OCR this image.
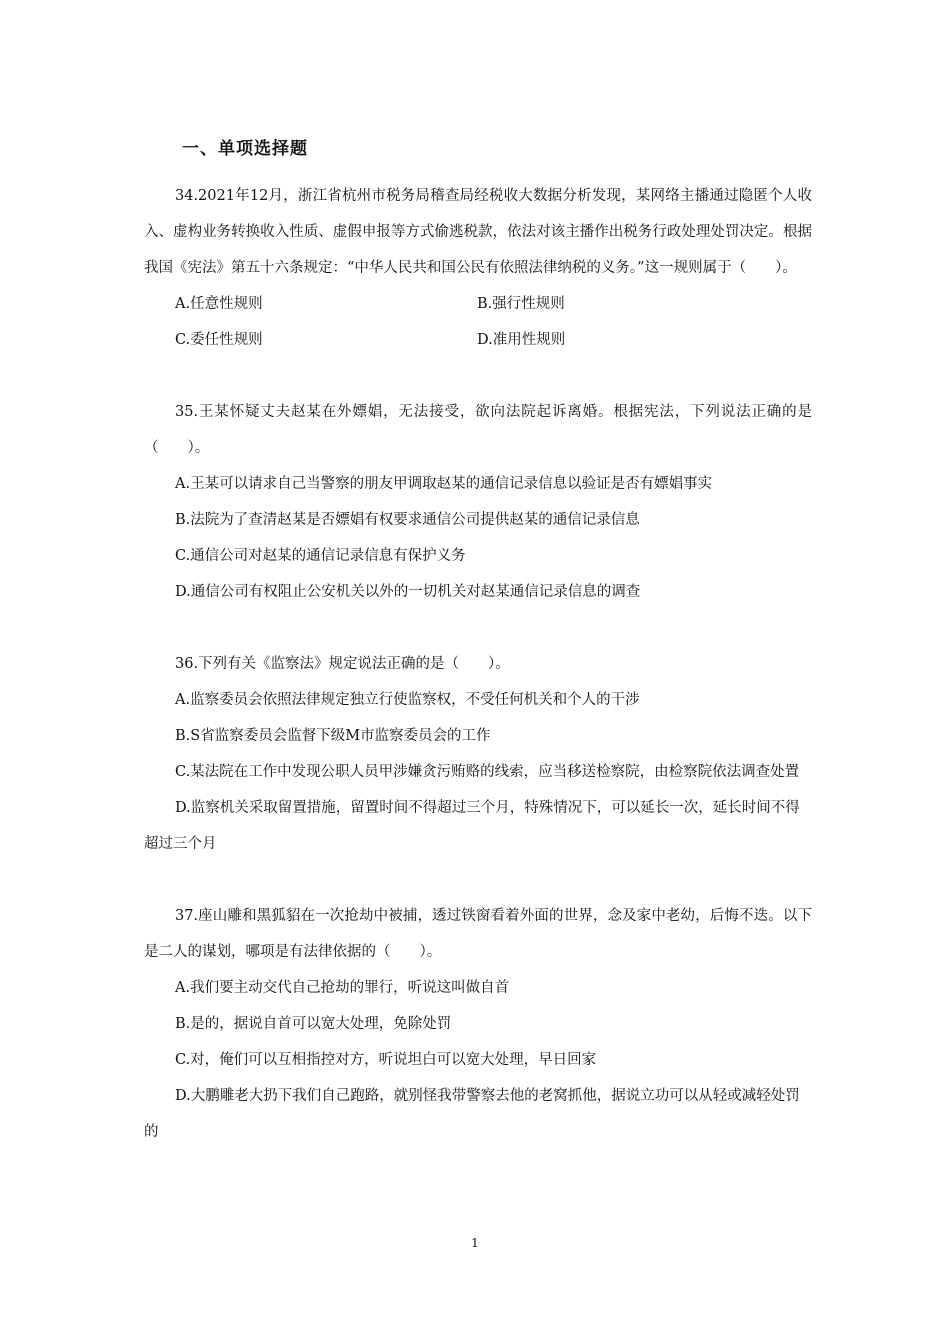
一、单项选择题

34.2021年12月，浙江省杭州市税务局稽查局经税收大数据分析发现，某网络主播通过隐匿个人收入、虚构业务转换收入性质、虚假申报等方式偷逃税款，依法对该主播作出税务行政处理处罚决定。根据我国《宪法》第五十六条规定：“中华人民共和国公民有依照法律纳税的义务。”这一规则属于（　　）。

A.任意性规则	B.强行性规则

C.委任性规则	D.准用性规则

35.王某怀疑丈夫赵某在外嫖娼，无法接受，欲向法院起诉离婚。根据宪法，下列说法正确的是（　　）。

A.王某可以请求自己当警察的朋友甲调取赵某的通信记录信息以验证是否有嫖娼事实

B.法院为了查清赵某是否嫖娼有权要求通信公司提供赵某的通信记录信息

C.通信公司对赵某的通信记录信息有保护义务

D.通信公司有权阻止公安机关以外的一切机关对赵某通信记录信息的调查

36.下列有关《监察法》规定说法正确的是（　　）。

A.监察委员会依照法律规定独立行使监察权，不受任何机关和个人的干涉

B.S省监察委员会监督下级M市监察委员会的工作

C.某法院在工作中发现公职人员甲涉嫌贪污贿赂的线索，应当移送检察院，由检察院依法调查处置

D.监察机关采取留置措施，留置时间不得超过三个月，特殊情况下，可以延长一次，延长时间不得超过三个月

37.座山雕和黑狐貂在一次抢劫中被捕，透过铁窗看着外面的世界，念及家中老幼，后悔不迭。以下是二人的谋划，哪项是有法律依据的（　　）。

A.我们要主动交代自己抢劫的罪行，听说这叫做自首

B.是的，据说自首可以宽大处理，免除处罚

C.对，俺们可以互相指控对方，听说坦白可以宽大处理，早日回家

D.大鹏雕老大扔下我们自己跑路，就别怪我带警察去他的老窝抓他，据说立功可以从轻或减轻处罚的

1
